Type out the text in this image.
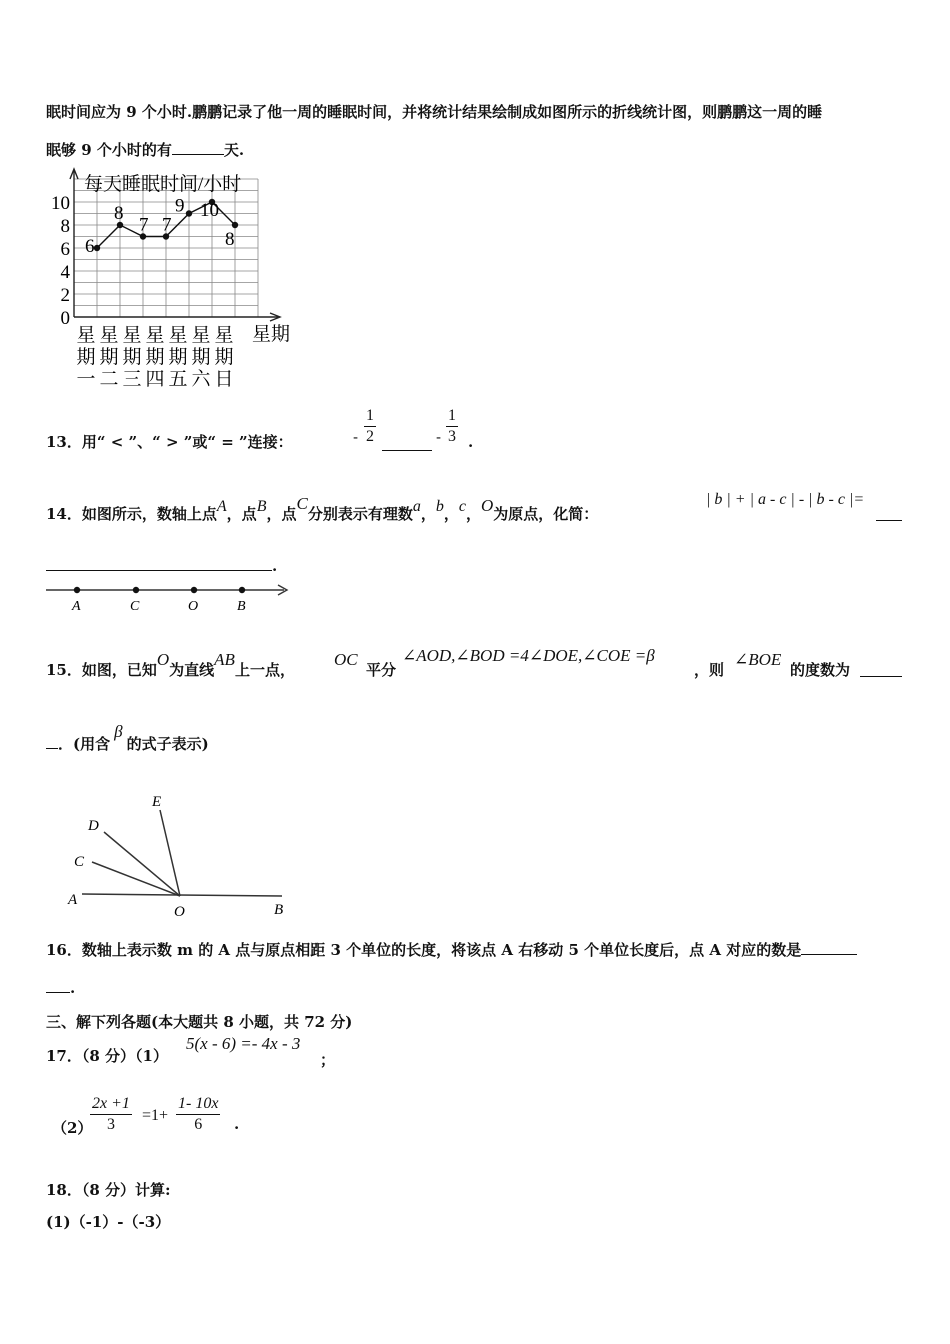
眠时间应为 9 个小时.鹏鹏记录了他一周的睡眠时间，并将统计结果绘制成如图所示的折线统计图，则鹏鹏这一周的睡
眠够 9 个小时的有	天.
6
8
7 7
9 10
8
0
2
4
6
8
10
星 星 星 星 星 星 星
期 期 期 期 期 期 期
一 二 三 四 五 六 日
每天睡眠时间/小时
星期
13．用“ < ”、“ > ”或“ = ”连接：	- $\frac{1}{2}$	- $\frac{1}{3}$ .
14．如图所示，数轴上点A，点B，点C分别表示有理数a，b，c，O为原点，化简：
| b | + | a - c | - | b - c |=
.
A	C	O	B
15．如图，已知O为直线AB上一点，
OC
平分
∠AOD,∠BOD =4∠DOE,∠COE =β
，则
∠BOE
的度数为
．(用含β的式子表示)
E
D
C
A
O	B
16．数轴上表示数 m 的 A 点与原点相距 3 个单位的长度，将该点 A 右移动 5 个单位长度后，点 A 对应的数是
.
三、解下列各题(本大题共 8 小题，共 72 分)
17．（8 分）（1）
5(x - 6) =- 4x - 3
；
（2）
$\frac{2x +1}{3} =1+ \frac{1- 10x}{6}$ .
18．（8 分）计算:
(1)（-1）-（-3）
